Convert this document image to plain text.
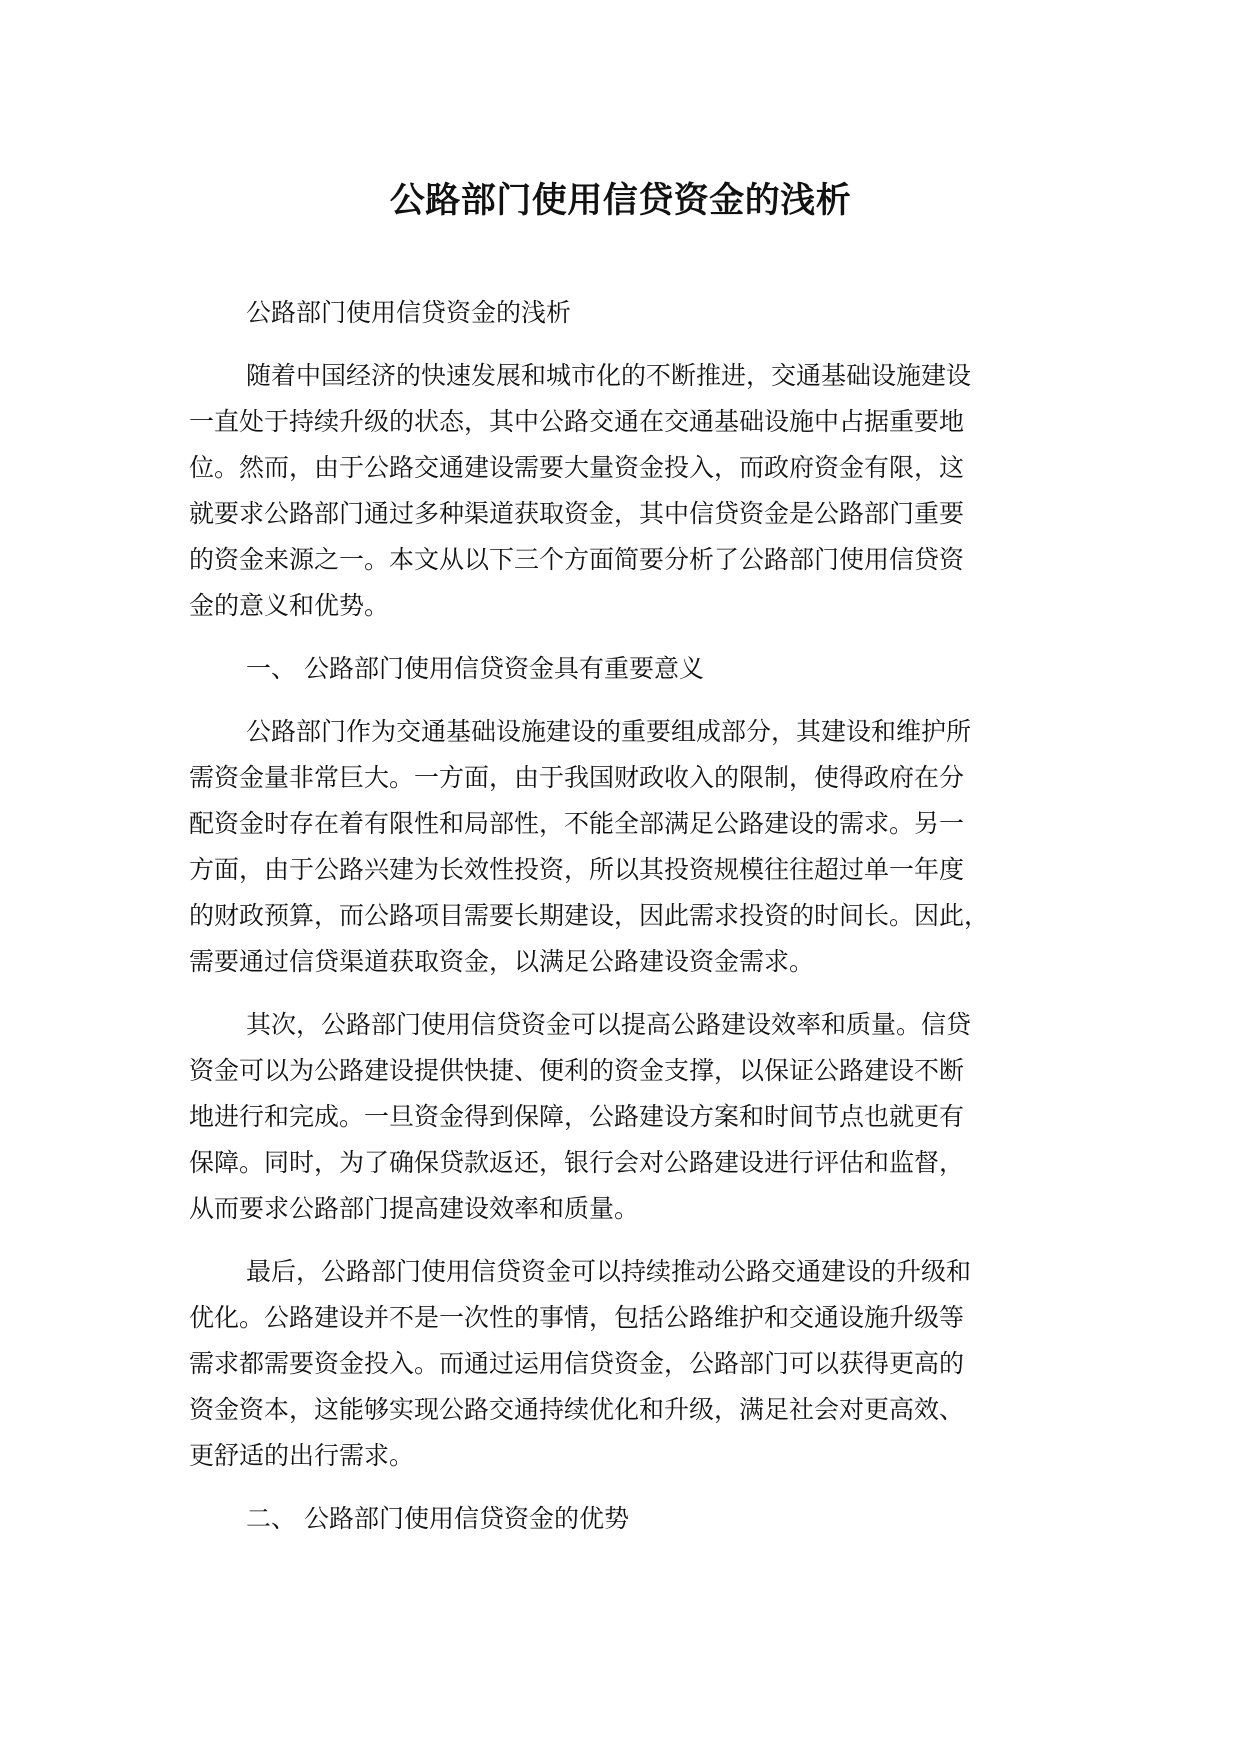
公路部门使用信贷资金的浅析

公路部门使用信贷资金的浅析

随着中国经济的快速发展和城市化的不断推进，交通基础设施建设
一直处于持续升级的状态，其中公路交通在交通基础设施中占据重要地
位。然而，由于公路交通建设需要大量资金投入，而政府资金有限，这
就要求公路部门通过多种渠道获取资金，其中信贷资金是公路部门重要
的资金来源之一。本文从以下三个方面简要分析了公路部门使用信贷资
金的意义和优势。

一、 公路部门使用信贷资金具有重要意义

公路部门作为交通基础设施建设的重要组成部分，其建设和维护所
需资金量非常巨大。一方面，由于我国财政收入的限制，使得政府在分
配资金时存在着有限性和局部性，不能全部满足公路建设的需求。另一
方面，由于公路兴建为长效性投资，所以其投资规模往往超过单一年度
的财政预算，而公路项目需要长期建设，因此需求投资的时间长。因此，
需要通过信贷渠道获取资金，以满足公路建设资金需求。

其次，公路部门使用信贷资金可以提高公路建设效率和质量。信贷
资金可以为公路建设提供快捷、便利的资金支撑，以保证公路建设不断
地进行和完成。一旦资金得到保障，公路建设方案和时间节点也就更有
保障。同时，为了确保贷款返还，银行会对公路建设进行评估和监督，
从而要求公路部门提高建设效率和质量。

最后，公路部门使用信贷资金可以持续推动公路交通建设的升级和
优化。公路建设并不是一次性的事情，包括公路维护和交通设施升级等
需求都需要资金投入。而通过运用信贷资金，公路部门可以获得更高的
资金资本，这能够实现公路交通持续优化和升级，满足社会对更高效、
更舒适的出行需求。

二、 公路部门使用信贷资金的优势
